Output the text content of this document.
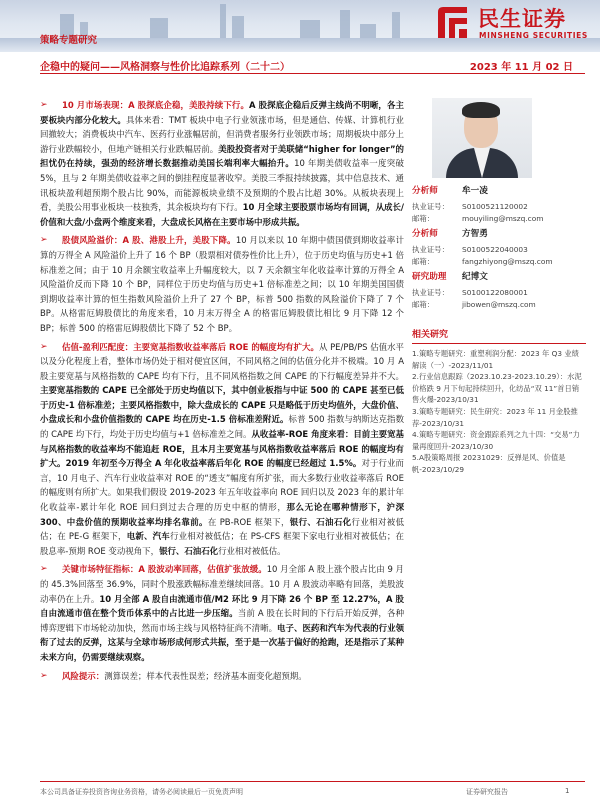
民生证券
MINSHENG SECURITIES
策略专题研究
企稳中的疑问——风格洞察与性价比追踪系列（二十二）	2023 年 11 月 02 日
➢	10 月市场表现：A 股探底企稳，美股持续下行。A 股探底企稳后反弹主线尚不明晰，各主要板块内部分化较大。具体来看：TMT 板块中电子行业领涨市场，但是通信、传媒、计算机行业回撤较大；消费板块中汽车、医药行业涨幅居前，但消费者服务行业领跌市场；周期板块中部分上游行业跌幅较小，但地产链相关行业跌幅居前。美股投资者对于美联储“higher for longer”的担忧仍在持续，强劲的经济增长数据推动美国长端利率大幅抬升。10 年期美债收益率一度突破 5%，且与 2 年期美债收益率之间的倒挂程度显著收窄。美股三季报持续披露，其中信息技术、通讯板块盈利超预期个股占比 90%，而能源板块业绩不及预期的个股占比超 30%。从板块表现上看，美股公用事业板块一枝独秀，其余板块均有下行。10 月全球主要股票市场均有回调，从成长/价值和大盘/小盘两个维度来看，大盘成长风格在主要市场中形成共振。
➢	股债风险溢价：A 股、港股上升，美股下降。10 月以来以 10 年期中债国债到期收益率计算的万得全 A 风险溢价上升了 16 个 BP（股票相对债券性价比上升），位于历史均值与历史+1 倍标准差之间；由于 10 月余额宝收益率上升幅度较大，以 7 天余额宝年化收益率计算的万得全 A 风险溢价反而下降 10 个 BP，同样位于历史均值与历史+1 倍标准差之间；以 10 年期美国国债到期收益率计算的恒生指数风险溢价上升了 27 个 BP，标普 500 指数的风险溢价下降了 7 个 BP。从格雷厄姆股债比的角度来看，10 月末万得全 A 的格雷厄姆股债比相比 9 月下降 12 个 BP；标普 500 的格雷厄姆股债比下降了 52 个 BP。
➢	估值-盈利匹配度：主要宽基指数收益率落后 ROE 的幅度均有扩大。从 PE/PB/PS 估值水平以及分化程度上看，整体市场仍处于相对便宜区间，不同风格之间的估值分化并不极端。10 月 A 股主要宽基与风格指数的 CAPE 均有下行，且不同风格指数之间 CAPE 的下行幅度差异并不大。主要宽基指数的 CAPE 已全部处于历史均值以下，其中创业板指与中证 500 的 CAPE 甚至已低于历史-1 倍标准差；主要风格指数中，除大盘成长的 CAPE 只是略低于历史均值外，大盘价值、小盘成长和小盘价值指数的 CAPE 均在历史-1.5 倍标准差附近。标普 500 指数与纳斯达克指数的 CAPE 均下行，均处于历史均值与+1 倍标准差之间。从收益率-ROE 角度来看：目前主要宽基与风格指数的收益率均不能追赶 ROE，且本月主要宽基与风格指数收益率落后 ROE 的幅度均有扩大。2019 年初至今万得全 A 年化收益率落后年化 ROE 的幅度已经超过 1.5%。对于行业而言，10 月电子、汽车行业收益率对 ROE 的“透支”幅度有所扩张，而大多数行业收益率落后 ROE 的幅度则有所扩大。如果我们假设 2019-2023 年五年收益率向 ROE 回归以及 2023 年的累计年化收益率-累计年化 ROE 回归到过去合理的历史中枢的情形，那么无论在哪种情形下，沪深 300、中盘价值的预期收益率均排名靠前。在 PB-ROE 框架下，银行、石油石化行业相对被低估；在 PE-G 框架下，电新、汽车行业相对被低估；在 PS-CFS 框架下家电行业相对被低估；在股息率-预期 ROE 变动视角下，银行、石油石化行业相对被低估。
➢	关键市场特征指标：A 股波动率回落，估值扩张放缓。10 月全部 A 股上涨个股占比由 9 月的 45.3%回落至 36.9%，同时个股涨跌幅标准差继续回落。10 月 A 股波动率略有回落，美股波动率仍在上升。10 月全部 A 股自由流通市值/M2 环比 9 月下降 26 个 BP 至 12.27%，A 股自由流通市值在整个货币体系中的占比进一步压缩。当前 A 股在长时间的下行后开始反弹，各种博弈逻辑下市场轮动加快，然而市场主线与风格特征尚不清晰。电子、医药和汽车为代表的行业领衔了过去的反弹，这某与全球市场形成何形式共振，至于是一次基于偏好的抢跑，还是指示了某种未来方向，仍需要继续观察。
➢	风险提示：测算误差；样本代表性误差；经济基本面变化超预期。
分析师	牟一凌
执业证号：	S0100521120002
邮箱：	mouyiling@mszq.com
分析师	方智勇
执业证号：	S0100522040003
邮箱：	fangzhiyong@mszq.com
研究助理	纪博文
执业证号：	S0100122080001
邮箱：	jibowen@mszq.com
相关研究
1.策略专题研究：重塑利润分配：2023 年 Q3 业绩解读（一）-2023/11/01
2.行业信息跟踪（2023.10.23-2023.10.29）：水泥价格跌 9 月下旬起持续回升，化纺品“双 11”首日销售火爆-2023/10/31
3.策略专题研究：民生研究：2023 年 11 月金股推荐-2023/10/31
4.策略专题研究：资金跟踪系列之九十四：“交易”力量再度回升-2023/10/30
5.A股策略周报 20231029：反弹是风、价值是帆-2023/10/29
本公司具备证券投资咨询业务资格，请务必阅读最后一页免责声明	证券研究报告	1
